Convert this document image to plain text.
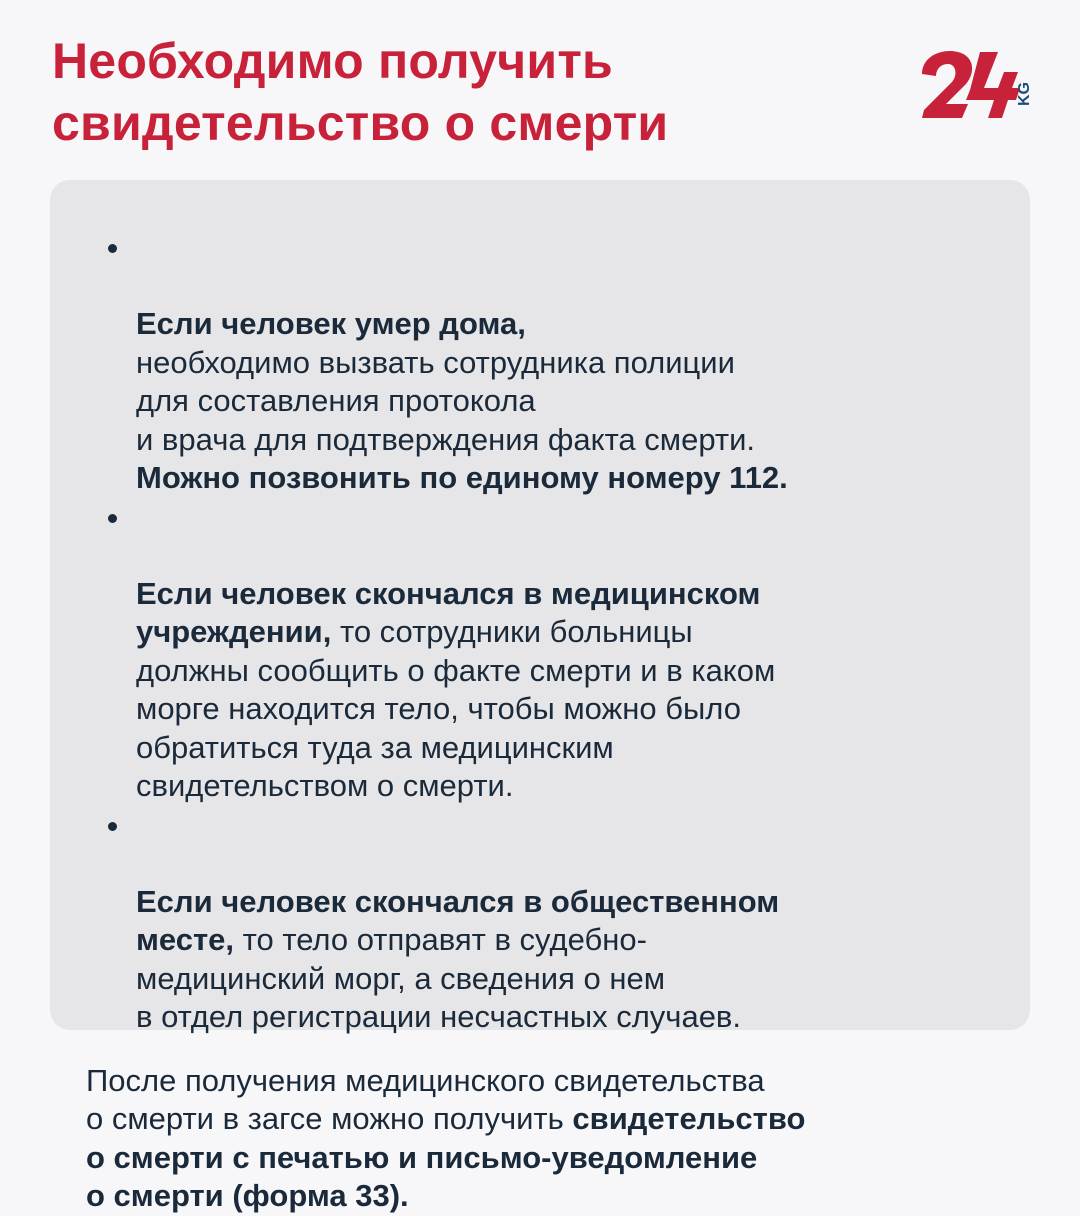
Необходимо получить свидетельство о смерти
KG

Если человек умер дома,
необходимо вызвать сотрудника полиции
для составления протокола
и врача для подтверждения факта смерти.
Можно позвонить по единому номеру 112.

Если человек скончался в медицинском
учреждении, то сотрудники больницы
должны сообщить о факте смерти и в каком
морге находится тело, чтобы можно было
обратиться туда за медицинским
свидетельством о смерти.

Если человек скончался в общественном
месте, то тело отправят в судебно-
медицинский морг, а сведения о нем
в отдел регистрации несчастных случаев.

После получения медицинского свидетельства
о смерти в загсе можно получить свидетельство
о смерти с печатью и письмо-уведомление
о смерти (форма 33).
